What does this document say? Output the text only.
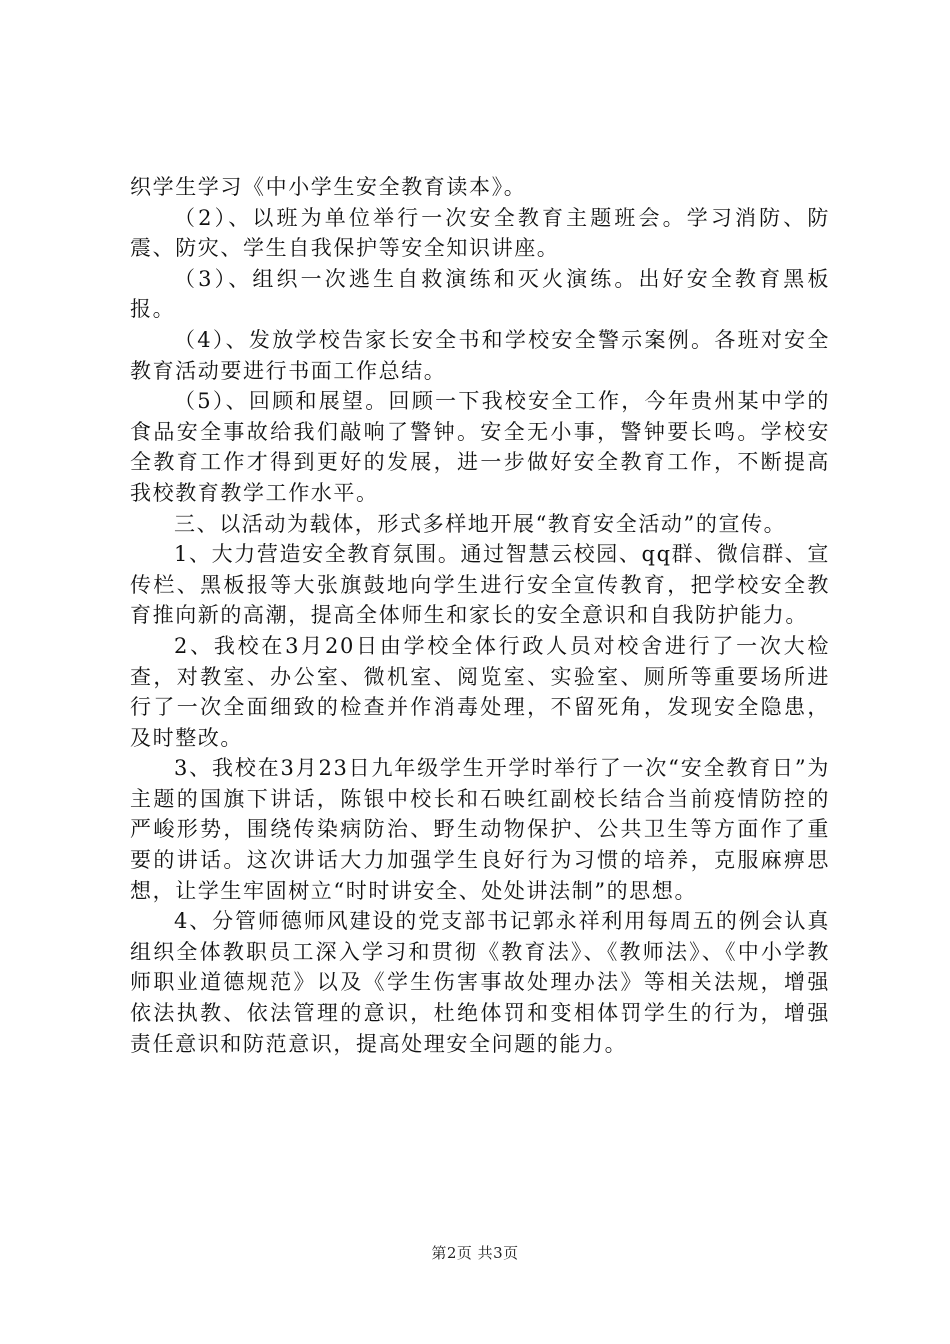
织学生学习《中小学生安全教育读本》。

（2）、以班为单位举行一次安全教育主题班会。学习消防、防震、防灾、学生自我保护等安全知识讲座。

（3）、组织一次逃生自救演练和灭火演练。出好安全教育黑板报。

（4）、发放学校告家长安全书和学校安全警示案例。各班对安全教育活动要进行书面工作总结。

（5）、回顾和展望。回顾一下我校安全工作，今年贵州某中学的食品安全事故给我们敲响了警钟。安全无小事，警钟要长鸣。学校安全教育工作才得到更好的发展，进一步做好安全教育工作，不断提高我校教育教学工作水平。

三、以活动为载体，形式多样地开展“教育安全活动”的宣传。

1、大力营造安全教育氛围。通过智慧云校园、qq群、微信群、宣传栏、黑板报等大张旗鼓地向学生进行安全宣传教育，把学校安全教育推向新的高潮，提高全体师生和家长的安全意识和自我防护能力。

2、我校在3月20日由学校全体行政人员对校舍进行了一次大检查，对教室、办公室、微机室、阅览室、实验室、厕所等重要场所进行了一次全面细致的检查并作消毒处理，不留死角，发现安全隐患，及时整改。

3、我校在3月23日九年级学生开学时举行了一次“安全教育日”为主题的国旗下讲话，陈银中校长和石映红副校长结合当前疫情防控的严峻形势，围绕传染病防治、野生动物保护、公共卫生等方面作了重要的讲话。这次讲话大力加强学生良好行为习惯的培养，克服麻痹思想，让学生牢固树立“时时讲安全、处处讲法制”的思想。

4、分管师德师风建设的党支部书记郭永祥利用每周五的例会认真组织全体教职员工深入学习和贯彻《教育法》、《教师法》、《中小学教师职业道德规范》以及《学生伤害事故处理办法》等相关法规，增强依法执教、依法管理的意识，杜绝体罚和变相体罚学生的行为，增强责任意识和防范意识，提高处理安全问题的能力。

第2页 共3页
